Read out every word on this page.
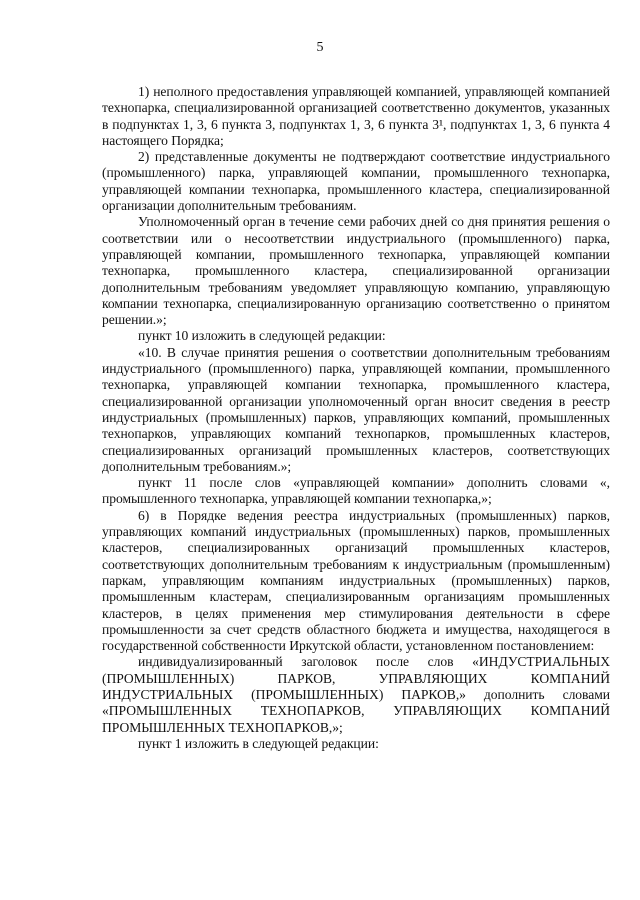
5

1) неполного предоставления управляющей компанией, управляющей компанией технопарка, специализированной организацией соответственно документов, указанных в подпунктах 1, 3, 6 пункта 3, подпунктах 1, 3, 6 пункта 3¹, подпунктах 1, 3, 6 пункта 4 настоящего Порядка;

2) представленные документы не подтверждают соответствие индустриального (промышленного) парка, управляющей компании, промышленного технопарка, управляющей компании технопарка, промышленного кластера, специализированной организации дополнительным требованиям.

Уполномоченный орган в течение семи рабочих дней со дня принятия решения о соответствии или о несоответствии индустриального (промышленного) парка, управляющей компании, промышленного технопарка, управляющей компании технопарка, промышленного кластера, специализированной организации дополнительным требованиям уведомляет управляющую компанию, управляющую компании технопарка, специализированную организацию соответственно о принятом решении.»;

пункт 10 изложить в следующей редакции:

«10. В случае принятия решения о соответствии дополнительным требованиям индустриального (промышленного) парка, управляющей компании, промышленного технопарка, управляющей компании технопарка, промышленного кластера, специализированной организации уполномоченный орган вносит сведения в реестр индустриальных (промышленных) парков, управляющих компаний, промышленных технопарков, управляющих компаний технопарков, промышленных кластеров, специализированных организаций промышленных кластеров, соответствующих дополнительным требованиям.»;

пункт 11 после слов «управляющей компании» дополнить словами «, промышленного технопарка, управляющей компании технопарка,»;

6) в Порядке ведения реестра индустриальных (промышленных) парков, управляющих компаний индустриальных (промышленных) парков, промышленных кластеров, специализированных организаций промышленных кластеров, соответствующих дополнительным требованиям к индустриальным (промышленным) паркам, управляющим компаниям индустриальных (промышленных) парков, промышленным кластерам, специализированным организациям промышленных кластеров, в целях применения мер стимулирования деятельности в сфере промышленности за счет средств областного бюджета и имущества, находящегося в государственной собственности Иркутской области, установленном постановлением:

индивидуализированный заголовок после слов «ИНДУСТРИАЛЬНЫХ (ПРОМЫШЛЕННЫХ) ПАРКОВ, УПРАВЛЯЮЩИХ КОМПАНИЙ ИНДУСТРИАЛЬНЫХ (ПРОМЫШЛЕННЫХ) ПАРКОВ,» дополнить словами «ПРОМЫШЛЕННЫХ ТЕХНОПАРКОВ, УПРАВЛЯЮЩИХ КОМПАНИЙ ПРОМЫШЛЕННЫХ ТЕХНОПАРКОВ,»;

пункт 1 изложить в следующей редакции:
